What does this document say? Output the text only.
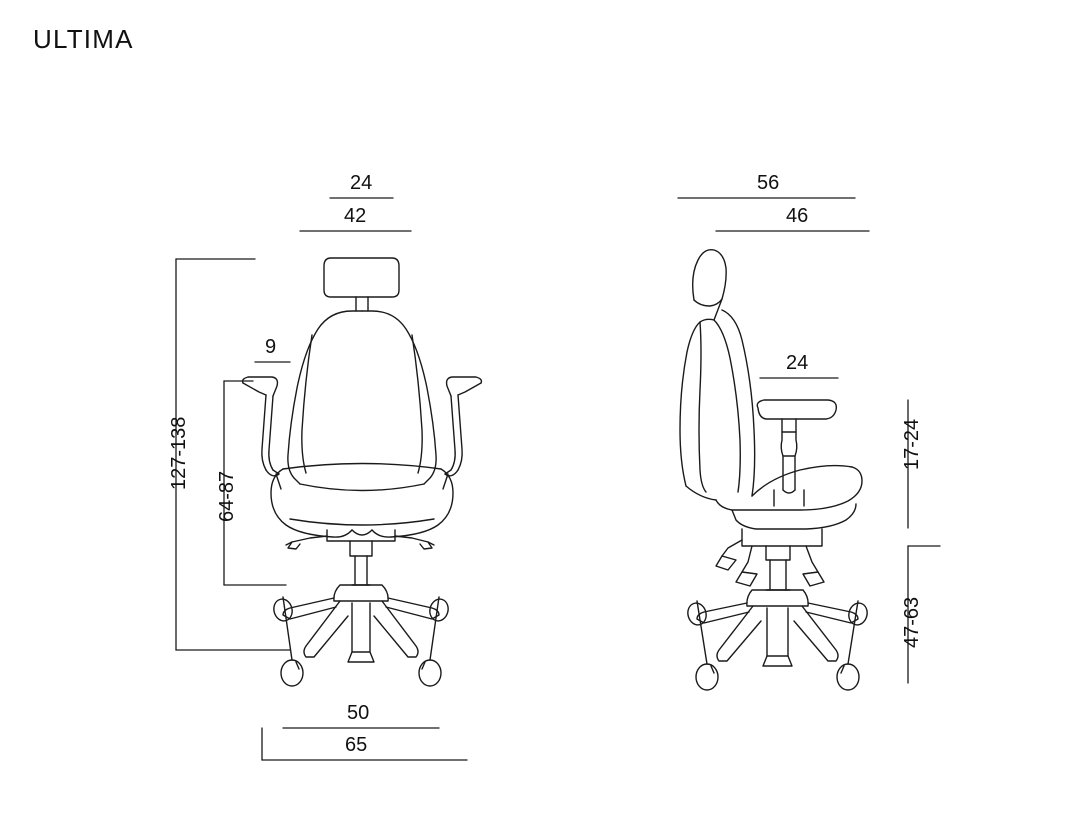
ULTIMA
24
42
9
127-138
64-87
50
65
56
46
24
17-24
47-63
